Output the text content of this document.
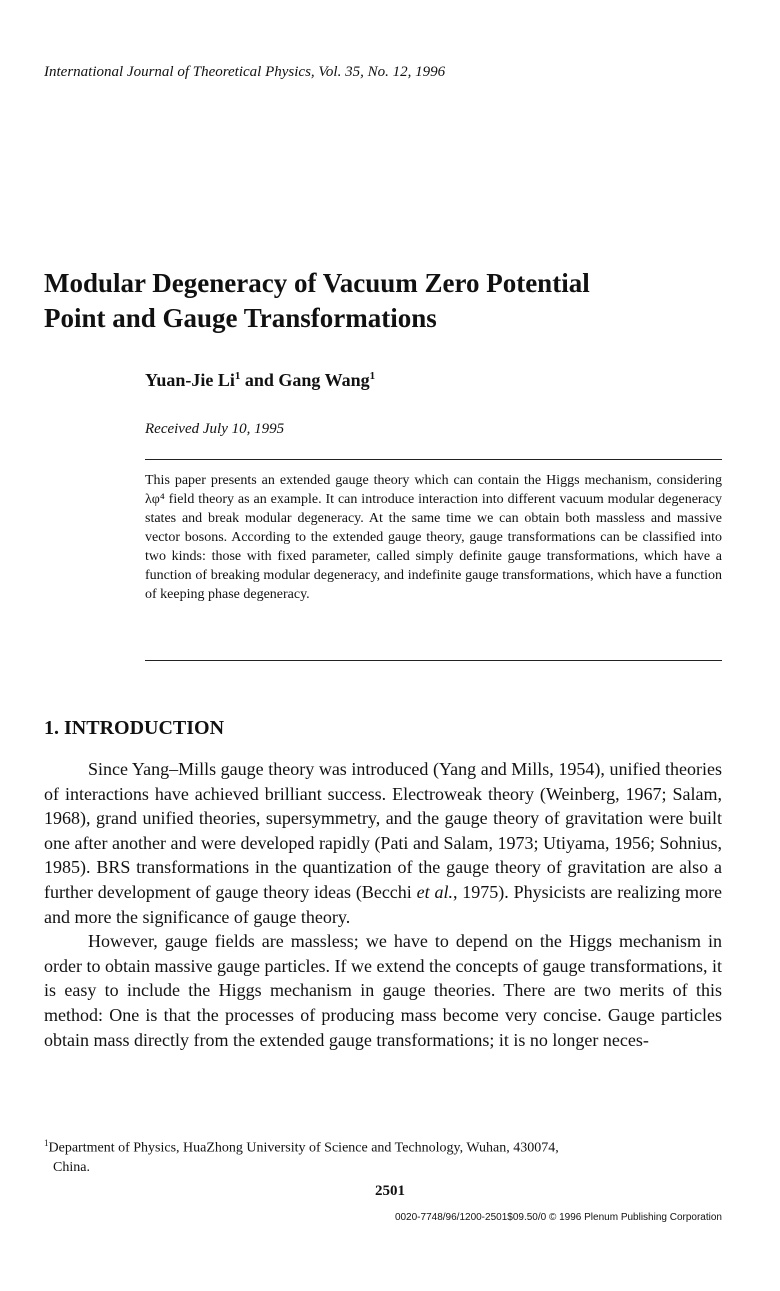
International Journal of Theoretical Physics, Vol. 35, No. 12, 1996
Modular Degeneracy of Vacuum Zero Potential
Point and Gauge Transformations
Yuan-Jie Li$^1$ and Gang Wang$^1$
Received July 10, 1995

This paper presents an extended gauge theory which can contain the Higgs mechanism, considering λφ⁴ field theory as an example. It can introduce interaction into different vacuum modular degeneracy states and break modular degeneracy. At the same time we can obtain both massless and massive vector bosons. According to the extended gauge theory, gauge transformations can be classified into two kinds: those with fixed parameter, called simply definite gauge transformations, which have a function of breaking modular degeneracy, and indefinite gauge transformations, which have a function of keeping phase degeneracy.

1. INTRODUCTION

Since Yang–Mills gauge theory was introduced (Yang and Mills, 1954), unified theories of interactions have achieved brilliant success. Electroweak theory (Weinberg, 1967; Salam, 1968), grand unified theories, supersymmetry, and the gauge theory of gravitation were built one after another and were developed rapidly (Pati and Salam, 1973; Utiyama, 1956; Sohnius, 1985). BRS transformations in the quantization of the gauge theory of gravitation are also a further development of gauge theory ideas (Becchi et al., 1975). Physicists are realizing more and more the significance of gauge theory.

However, gauge fields are massless; we have to depend on the Higgs mechanism in order to obtain massive gauge particles. If we extend the concepts of gauge transformations, it is easy to include the Higgs mechanism in gauge theories. There are two merits of this method: One is that the processes of producing mass become very concise. Gauge particles obtain mass directly from the extended gauge transformations; it is no longer neces-

$^1$Department of Physics, HuaZhong University of Science and Technology, Wuhan, 430074,
China.

2501
0020-7748/96/1200-2501$09.50/0 © 1996 Plenum Publishing Corporation
